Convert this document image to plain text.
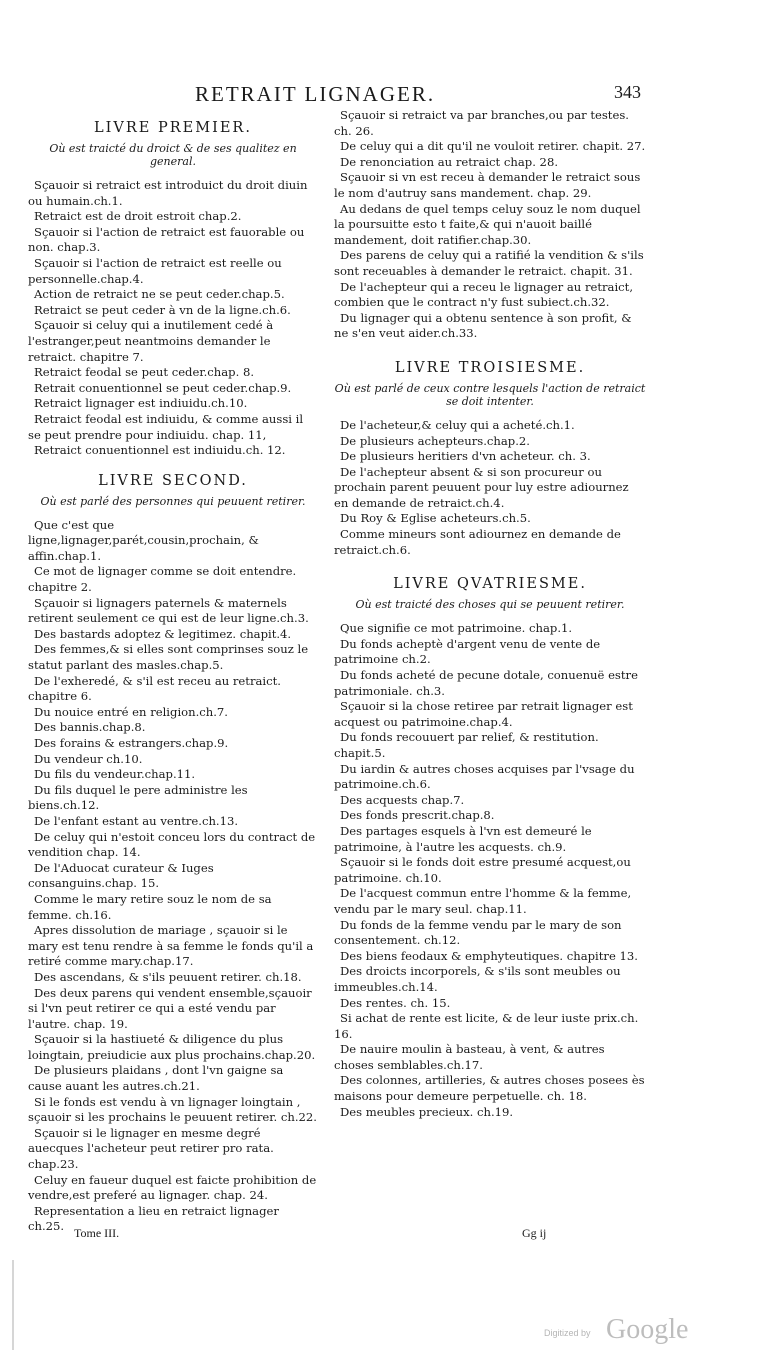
RETRAIT LIGNAGER.	343
LIVRE PREMIER.
Où est traicté du droict & de ses qualitez en general.

Sçauoir si retraict est introduict du droit diuin ou humain.ch.1.

Retraict est de droit estroit chap.2.

Sçauoir si l'action de retraict est fauorable ou non. chap.3.

Sçauoir si l'action de retraict est reelle ou personnelle.chap.4.

Action de retraict ne se peut ceder.chap.5.

Retraict se peut ceder à vn de la ligne.ch.6.

Sçauoir si celuy qui a inutilement cedé à l'estranger,peut neantmoins demander le retraict. chapitre 7.

Retraict feodal se peut ceder.chap. 8.

Retrait conuentionnel se peut ceder.chap.9.

Retraict lignager est indiuidu.ch.10.

Retraict feodal est indiuidu, & comme aussi il se peut prendre pour indiuidu. chap. 11,

Retraict conuentionnel est indiuidu.ch. 12.

LIVRE SECOND.
Où est parlé des personnes qui peuuent retirer.

Que c'est que ligne,lignager,parét,cousin,prochain, & affin.chap.1.

Ce mot de lignager comme se doit entendre. chapitre 2.

Sçauoir si lignagers paternels & maternels retirent seulement ce qui est de leur ligne.ch.3.

Des bastards adoptez & legitimez. chapit.4.

Des femmes,& si elles sont comprinses souz le statut parlant des masles.chap.5.

De l'exheredé, & s'il est receu au retraict. chapitre 6.

Du nouice entré en religion.ch.7.

Des bannis.chap.8.

Des forains & estrangers.chap.9.

Du vendeur ch.10.

Du fils du vendeur.chap.11.

Du fils duquel le pere administre les biens.ch.12.

De l'enfant estant au ventre.ch.13.

De celuy qui n'estoit conceu lors du contract de vendition chap. 14.

De l'Aduocat curateur & Iuges consanguins.chap. 15.

Comme le mary retire souz le nom de sa femme. ch.16.

Apres dissolution de mariage , sçauoir si le mary est tenu rendre à sa femme le fonds qu'il a retiré comme mary.chap.17.

Des ascendans, & s'ils peuuent retirer. ch.18.

Des deux parens qui vendent ensemble,sçauoir si l'vn peut retirer ce qui a esté vendu par l'autre. chap. 19.

Sçauoir si la hastiueté & diligence du plus loingtain, preiudicie aux plus prochains.chap.20.

De plusieurs plaidans , dont l'vn gaigne sa cause auant les autres.ch.21.

Si le fonds est vendu à vn lignager loingtain , sçauoir si les prochains le peuuent retirer. ch.22.

Sçauoir si le lignager en mesme degré auecques l'acheteur peut retirer pro rata. chap.23.

Celuy en faueur duquel est faicte prohibition de vendre,est preferé au lignager. chap. 24.

Representation a lieu en retraict lignager ch.25.

Sçauoir si retraict va par branches,ou par testes. ch. 26.

De celuy qui a dit qu'il ne vouloit retirer. chapit. 27.

De renonciation au retraict chap. 28.

Sçauoir si vn est receu à demander le retraict sous le nom d'autruy sans mandement. chap. 29.

Au dedans de quel temps celuy souz le nom duquel la poursuitte esto t faite,& qui n'auoit baillé mandement, doit ratifier.chap.30.

Des parens de celuy qui a ratifié la vendition & s'ils sont receuables à demander le retraict. chapit. 31.

De l'achepteur qui a receu le lignager au retraict, combien que le contract n'y fust subiect.ch.32.

Du lignager qui a obtenu sentence à son profit, & ne s'en veut aider.ch.33.

LIVRE TROISIESME.
Où est parlé de ceux contre lesquels l'action de retraict se doit intenter.

De l'acheteur,& celuy qui a acheté.ch.1.

De plusieurs achepteurs.chap.2.

De plusieurs heritiers d'vn acheteur. ch. 3.

De l'achepteur absent & si son procureur ou prochain parent peuuent pour luy estre adiournez en demande de retraict.ch.4.

Du Roy & Eglise acheteurs.ch.5.

Comme mineurs sont adiournez en demande de retraict.ch.6.

LIVRE QVATRIESME.
Où est traicté des choses qui se peuuent retirer.

Que signifie ce mot patrimoine. chap.1.

Du fonds acheptè d'argent venu de vente de patrimoine ch.2.

Du fonds acheté de pecune dotale, conuenuë estre patrimoniale. ch.3.

Sçauoir si la chose retiree par retrait lignager est acquest ou patrimoine.chap.4.

Du fonds recouuert par relief, & restitution. chapit.5.

Du iardin & autres choses acquises par l'vsage du patrimoine.ch.6.

Des acquests chap.7.

Des fonds prescrit.chap.8.

Des partages esquels à l'vn est demeuré le patrimoine, à l'autre les acquests. ch.9.

Sçauoir si le fonds doit estre presumé acquest,ou patrimoine. ch.10.

De l'acquest commun entre l'homme & la femme, vendu par le mary seul. chap.11.

Du fonds de la femme vendu par le mary de son consentement. ch.12.

Des biens feodaux & emphyteutiques. chapitre 13.

Des droicts incorporels, & s'ils sont meubles ou immeubles.ch.14.

Des rentes. ch. 15.

Si achat de rente est licite, & de leur iuste prix.ch. 16.

De nauire moulin à basteau, à vent, & autres choses semblables.ch.17.

Des colonnes, artilleries, & autres choses posees ès maisons pour demeure perpetuelle. ch. 18.

Des meubles precieux. ch.19.

Tome III.	Gg ij
Digitized by Google
